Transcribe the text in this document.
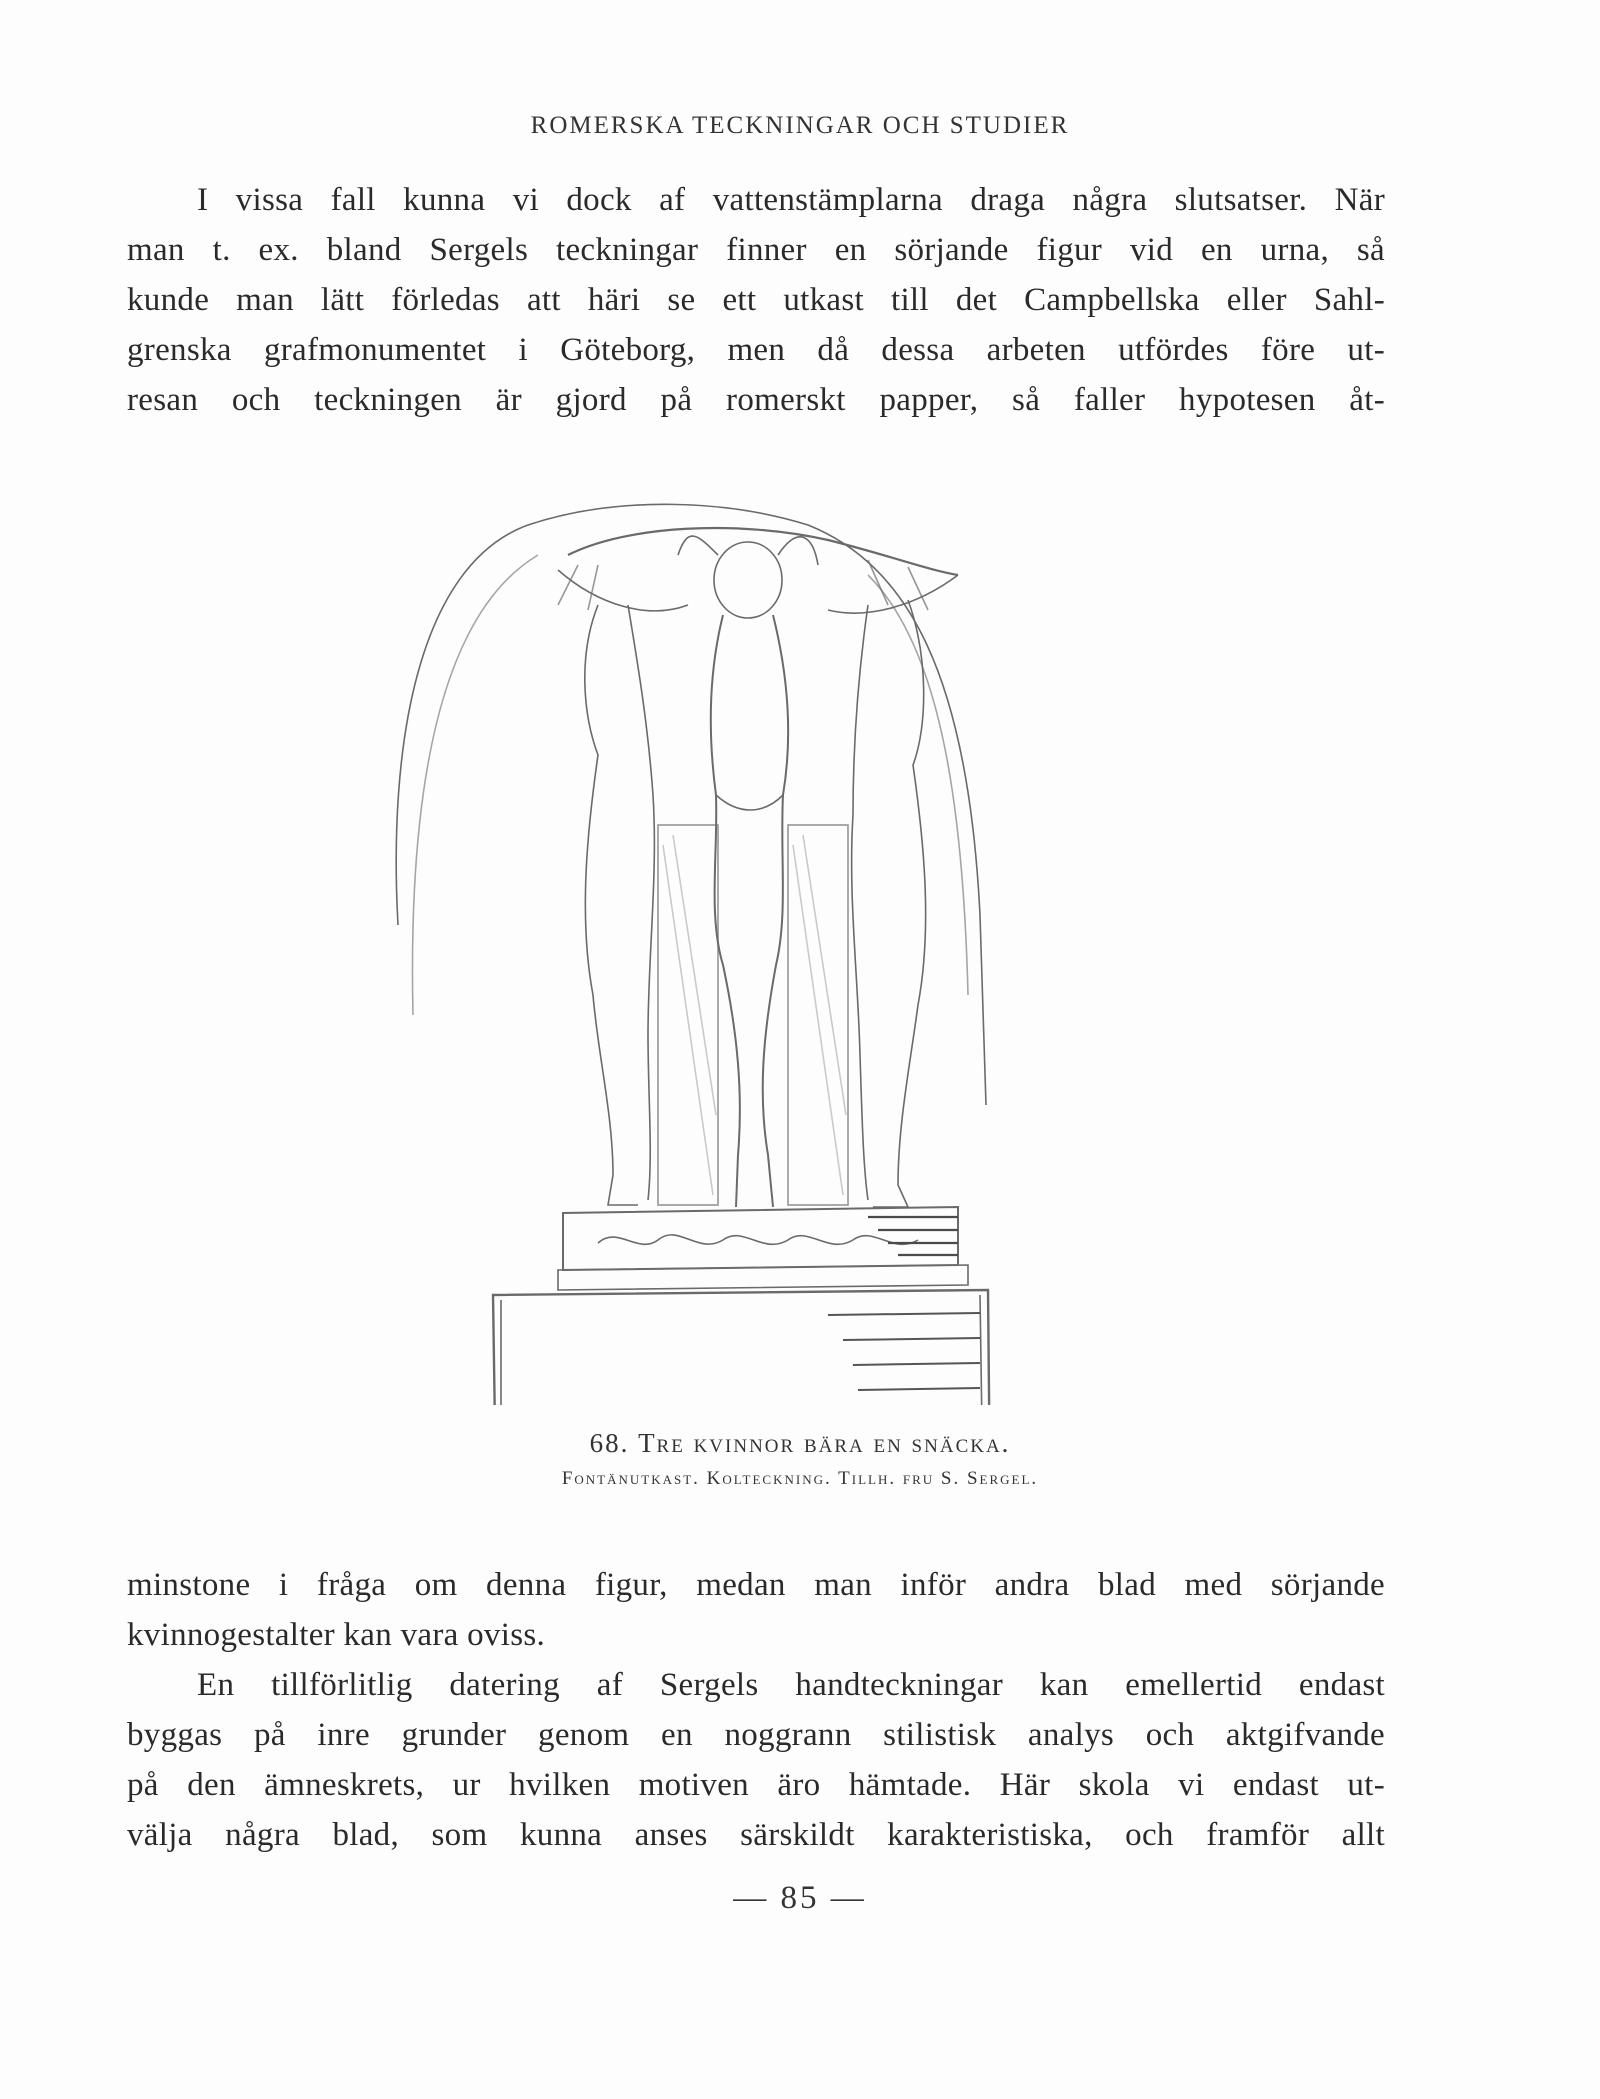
ROMERSKA TECKNINGAR OCH STUDIER
I vissa fall kunna vi dock af vattenstämplarna draga några slutsatser. När
man t. ex. bland Sergels teckningar finner en sörjande figur vid en urna, så
kunde man lätt förledas att häri se ett utkast till det Campbellska eller Sahl-
grenska grafmonumentet i Göteborg, men då dessa arbeten utfördes före ut-
resan och teckningen är gjord på romerskt papper, så faller hypotesen åt-
68. Tre kvinnor bära en snäcka.
Fontänutkast. Kolteckning. Tillh. fru S. Sergel.
minstone i fråga om denna figur, medan man inför andra blad med sörjande
kvinnogestalter kan vara oviss.
En tillförlitlig datering af Sergels handteckningar kan emellertid endast
byggas på inre grunder genom en noggrann stilistisk analys och aktgifvande
på den ämneskrets, ur hvilken motiven äro hämtade. Här skola vi endast ut-
välja några blad, som kunna anses särskildt karakteristiska, och framför allt
— 85 —
